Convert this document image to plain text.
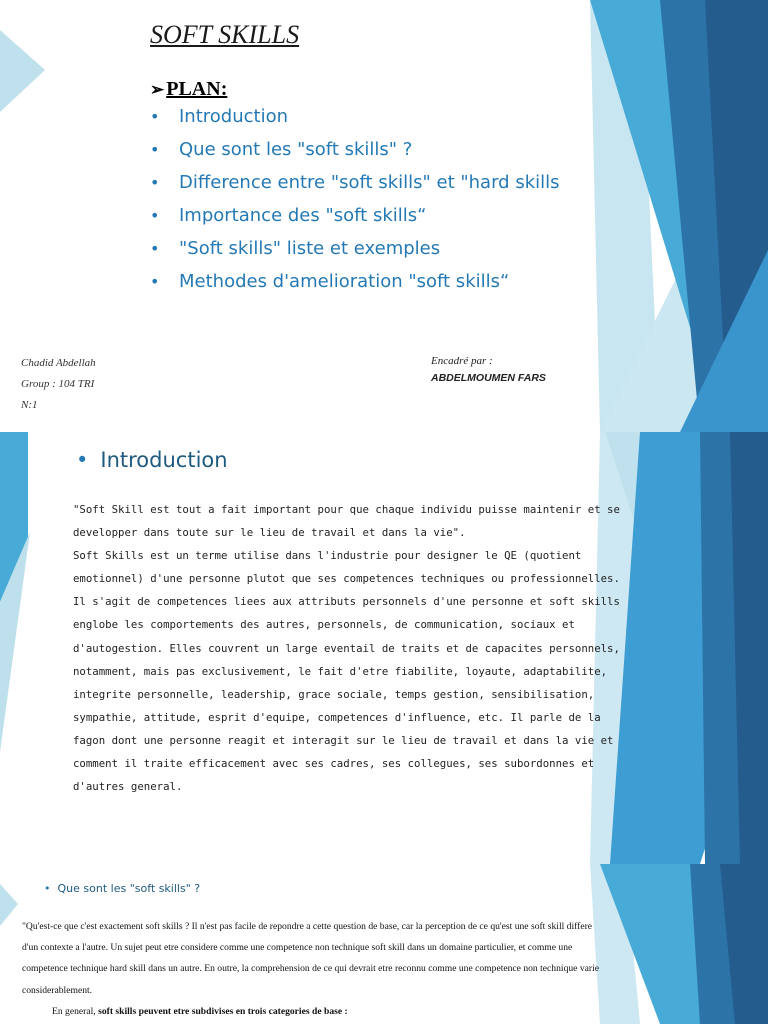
SOFT SKILLS
➢ PLAN:
• Introduction
• Que sont les "soft skills" ?
• Difference entre "soft skills" et "hard skills
• Importance des "soft skills“
• "Soft skills" liste et exemples
• Methodes d'amelioration "soft skills“
Chadid Abdellah
Group : 104 TRI
N:1
Encadré par :
ABDELMOUMEN FARS
• Introduction

"Soft Skill est tout a fait important pour que chaque individu puisse maintenir et se developper dans toute sur le lieu de travail et dans la vie".

Soft Skills est un terme utilise dans l'industrie pour designer le QE (quotient emotionnel) d'une personne plutot que ses competences techniques ou professionnelles.

Il s'agit de competences liees aux attributs personnels d'une personne et soft skills englobe les comportements des autres, personnels, de communication, sociaux et d'autogestion. Elles couvrent un large eventail de traits et de capacites personnels, notamment, mais pas exclusivement, le fait d'etre fiabilite, loyaute, adaptabilite, integrite personnelle, leadership, grace sociale, temps gestion, sensibilisation, sympathie, attitude, esprit d'equipe, competences d'influence, etc. Il parle de la fagon dont une personne reagit et interagit sur le lieu de travail et dans la vie et comment il traite efficacement avec ses cadres, ses collegues, ses subordonnes et d'autres general.

• Que sont les "soft skills" ?

"Qu'est-ce que c'est exactement soft skills ? Il n'est pas facile de repondre a cette question de base, car la perception de ce qu'est une soft skill differe d'un contexte a l'autre. Un sujet peut etre considere comme une competence non technique soft skill dans un domaine particulier, et comme une competence technique hard skill dans un autre. En outre, la comprehension de ce qui devrait etre reconnu comme une competence non technique varie considerablement.

En general, soft skills peuvent etre subdivises en trois categories de base :
